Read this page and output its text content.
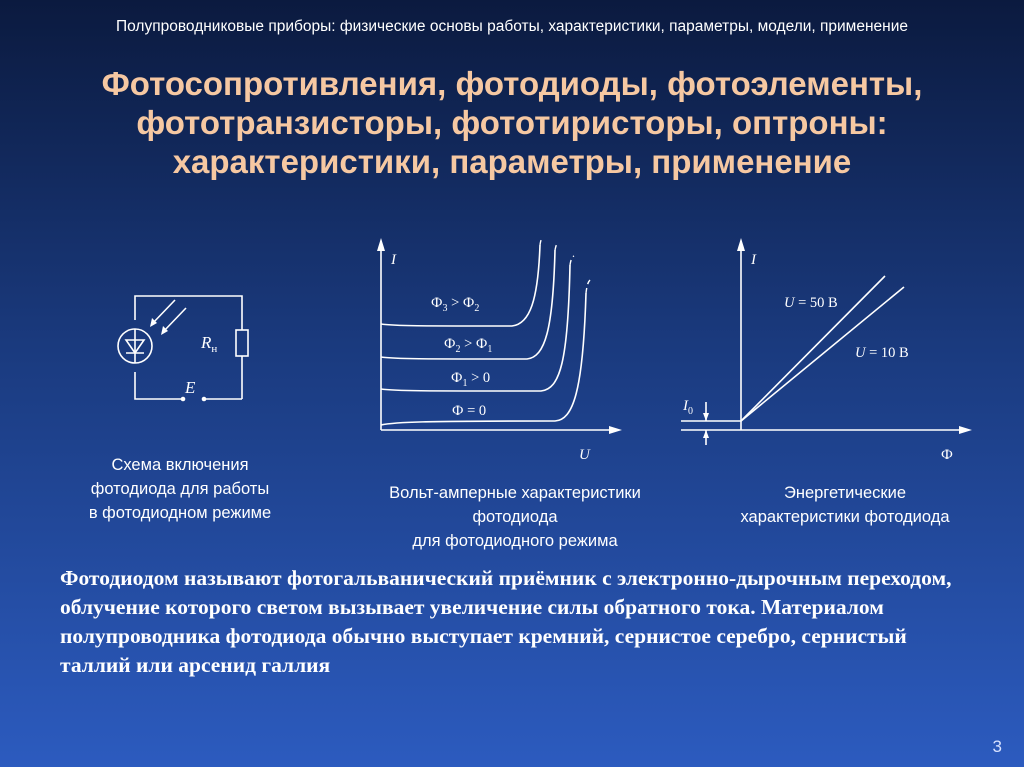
Полупроводниковые приборы: физические основы работы, характеристики, параметры, модели, применение
Фотосопротивления, фотодиоды, фотоэлементы,
фототранзисторы, фототиристоры, оптроны:
характеристики, параметры, применение
$R_н$
E
I
U
$Ф_3 > Ф_2$
$Ф_2 > Ф_1$
$Ф_1 > 0$
Ф = 0
I
Ф
$I_0$
U = 50 В
U = 10 В
Схема включения
фотодиода для работы
в фотодиодном режиме
Вольт-амперные характеристики
фотодиода
для фотодиодного режима
Энергетические
характеристики фотодиода
Фотодиодом называют фотогальванический приёмник с электронно-дырочным переходом, облучение которого светом вызывает увеличение силы обратного тока. Материалом полупроводника фотодиода обычно выступает кремний, сернистое серебро, сернистый таллий или арсенид галлия
3
